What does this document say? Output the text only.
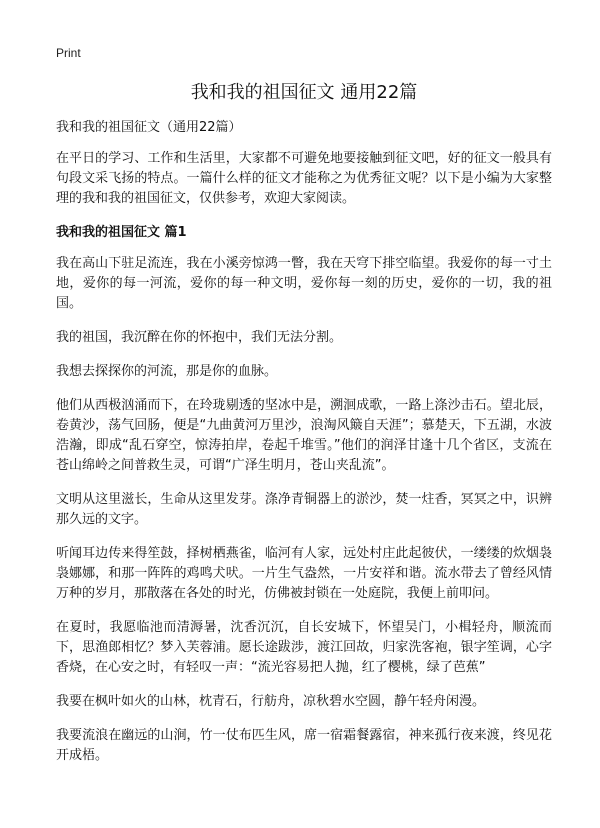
Print
我和我的祖国征文 通用22篇

我和我的祖国征文（通用22篇）

在平日的学习、工作和生活里，大家都不可避免地要接触到征文吧，好的征文一般具有句段文采飞扬的特点。一篇什么样的征文才能称之为优秀征文呢？以下是小编为大家整理的我和我的祖国征文，仅供参考，欢迎大家阅读。

我和我的祖国征文 篇1

我在高山下驻足流连，我在小溪旁惊鸿一瞥，我在天穹下排空临望。我爱你的每一寸土地，爱你的每一河流，爱你的每一种文明，爱你每一刻的历史，爱你的一切，我的祖国。

我的祖国，我沉醉在你的怀抱中，我们无法分割。

我想去探探你的河流，那是你的血脉。

他们从西极汹涌而下，在玲珑剔透的坚冰中是，溯洄成歌，一路上涤沙击石。望北辰，卷黄沙，荡气回肠，便是“九曲黄河万里沙，浪淘风簸自天涯”；慕楚天，下五湖，水波浩瀚，即成“乱石穿空，惊涛拍岸，卷起千堆雪。”他们的润泽甘逢十几个省区，支流在苍山绵岭之间普救生灵，可谓“广泽生明月，苍山夹乱流”。

文明从这里滋长，生命从这里发芽。涤净青铜器上的淤沙，焚一炷香，冥冥之中，识辨那久远的文字。

听闻耳边传来得笙鼓，择树栖燕雀，临河有人家，远处村庄此起彼伏，一缕缕的炊烟袅袅娜娜，和那一阵阵的鸡鸣犬吠。一片生气盎然，一片安祥和谐。流水带去了曾经风情万种的岁月，那散落在各处的时光，仿佛被封锁在一处庭院，我便上前叩问。

在夏时，我愿临池而清溽暑，沈香沉沉，自长安城下，怀望吴门，小楫轻舟，顺流而下，思渔郎相忆？梦入芙蓉浦。愿长途跋涉，渡江回故，归家洗客袍，银字笙调，心字香烧，在心安之时，有轻叹一声：“流光容易把人抛，红了樱桃，绿了芭蕉”

我要在枫叶如火的山林，枕青石，行舫舟，凉秋碧水空圆，静午轻舟闲漫。

我要流浪在幽远的山涧，竹一仗布匹生风，席一宿霜餐露宿，神来孤行夜来渡，终见花开成梧。
